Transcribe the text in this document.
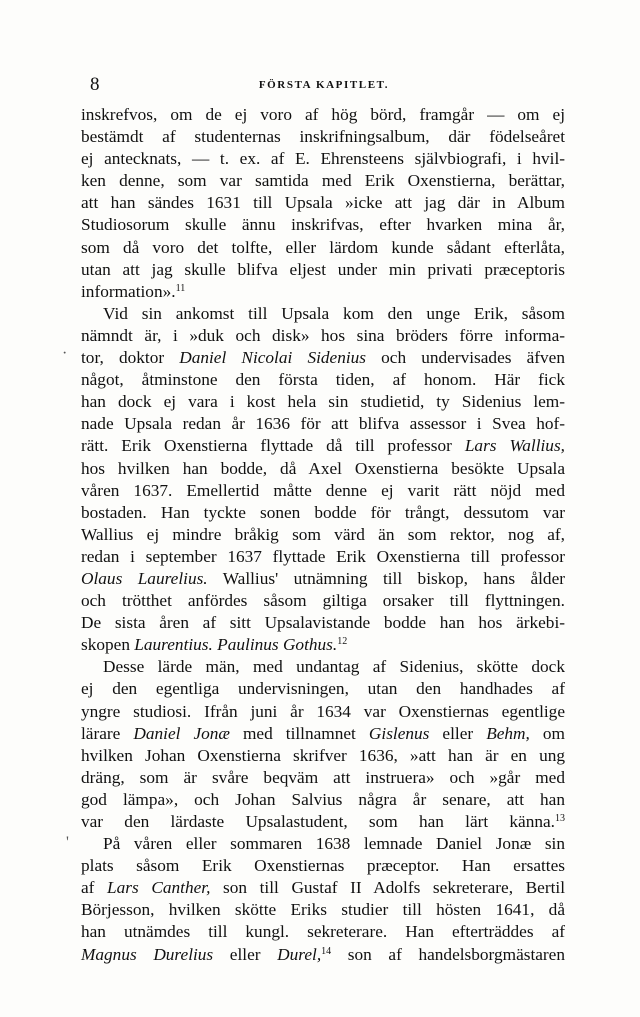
8	FÖRSTA KAPITLET.
inskrefvos, om de ej voro af hög börd, framgår — om ej
bestämdt af studenternas inskrifningsalbum, där födelseåret
ej antecknats, — t. ex. af E. Ehrensteens självbiografi, i hvil-
ken denne, som var samtida med Erik Oxenstierna, berättar,
att han sändes 1631 till Upsala »icke att jag där in Album
Studiosorum skulle ännu inskrifvas, efter hvarken mina år,
som då voro det tolfte, eller lärdom kunde sådant efterlåta,
utan att jag skulle blifva eljest under min privati præceptoris
information».$^{11}$
Vid sin ankomst till Upsala kom den unge Erik, såsom
nämndt är, i »duk och disk» hos sina bröders förre informa-
tor, doktor Daniel Nicolai Sidenius och undervisades äfven
något, åtminstone den första tiden, af honom. Här fick
han dock ej vara i kost hela sin studietid, ty Sidenius lem-
nade Upsala redan år 1636 för att blifva assessor i Svea hof-
rätt. Erik Oxenstierna flyttade då till professor Lars Wallius,
hos hvilken han bodde, då Axel Oxenstierna besökte Upsala
våren 1637. Emellertid måtte denne ej varit rätt nöjd med
bostaden. Han tyckte sonen bodde för trångt, dessutom var
Wallius ej mindre bråkig som värd än som rektor, nog af,
redan i september 1637 flyttade Erik Oxenstierna till professor
Olaus Laurelius. Wallius' utnämning till biskop, hans ålder
och trötthet anfördes såsom giltiga orsaker till flyttningen.
De sista åren af sitt Upsalavistande bodde han hos ärkebi-
skopen Laurentius. Paulinus Gothus.$^{12}$
Desse lärde män, med undantag af Sidenius, skötte dock
ej den egentliga undervisningen, utan den handhades af
yngre studiosi. Ifrån juni år 1634 var Oxenstiernas egentlige
lärare Daniel Jonæ med tillnamnet Gislenus eller Behm, om
hvilken Johan Oxenstierna skrifver 1636, »att han är en ung
dräng, som är svåre beqväm att instruera» och »går med
god lämpa», och Johan Salvius några år senare, att han
var den lärdaste Upsalastudent, som han lärt känna.$^{13}$
På våren eller sommaren 1638 lemnade Daniel Jonæ sin
plats såsom Erik Oxenstiernas præceptor. Han ersattes
af Lars Canther, son till Gustaf II Adolfs sekreterare, Bertil
Börjesson, hvilken skötte Eriks studier till hösten 1641, då
han utnämdes till kungl. sekreterare. Han efterträddes af
Magnus Durelius eller Durel,$^{14}$ son af handelsborgmästaren
·
'
